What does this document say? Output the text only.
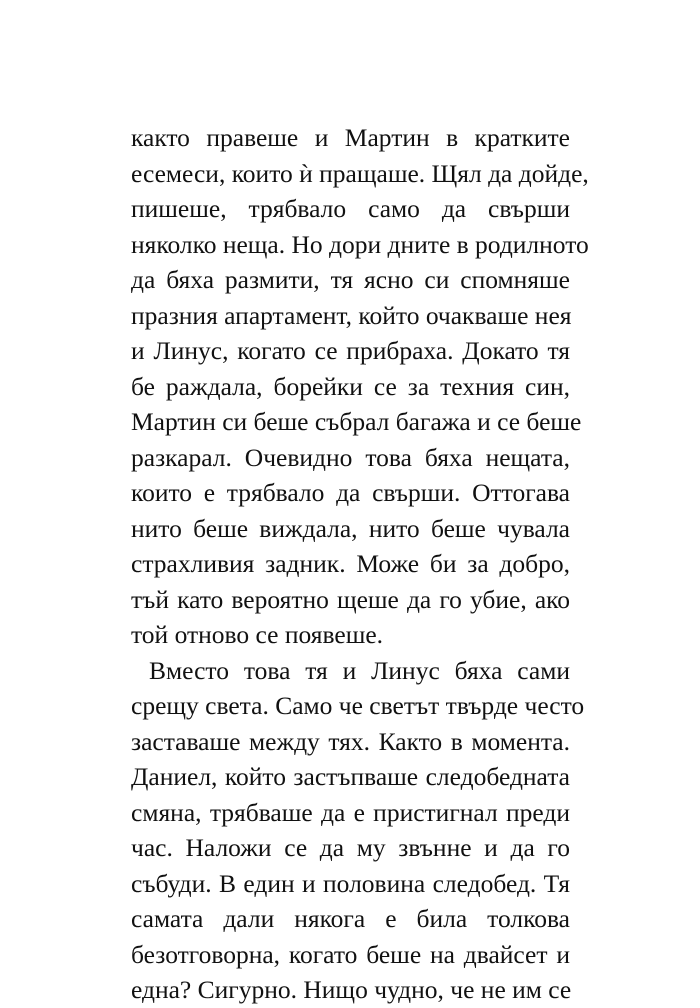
както правеше и Мартин в кратките
есемеси, които ѝ пращаше. Щял да дойде,
пишеше, трябвало само да свърши
няколко неща. Но дори дните в родилното
да бяха размити, тя ясно си спомняше
празния апартамент, който очакваше нея
и Линус, когато се прибраха. Докато тя
бе раждала, борейки се за техния син,
Мартин си беше събрал багажа и се беше
разкарал. Очевидно това бяха нещата,
които е трябвало да свърши. Оттогава
нито беше виждала, нито беше чувала
страхливия задник. Може би за добро,
тъй като вероятно щеше да го убие, ако
той отново се появеше.
Вместо това тя и Линус бяха сами
срещу света. Само че светът твърде често
заставаше между тях. Както в момента.
Даниел, който застъпваше следобедната
смяна, трябваше да е пристигнал преди
час. Наложи се да му звънне и да го
събуди. В един и половина следобед. Тя
самата дали някога е била толкова
безотговорна, когато беше на двайсет и
една? Сигурно. Нищо чудно, че не им се
